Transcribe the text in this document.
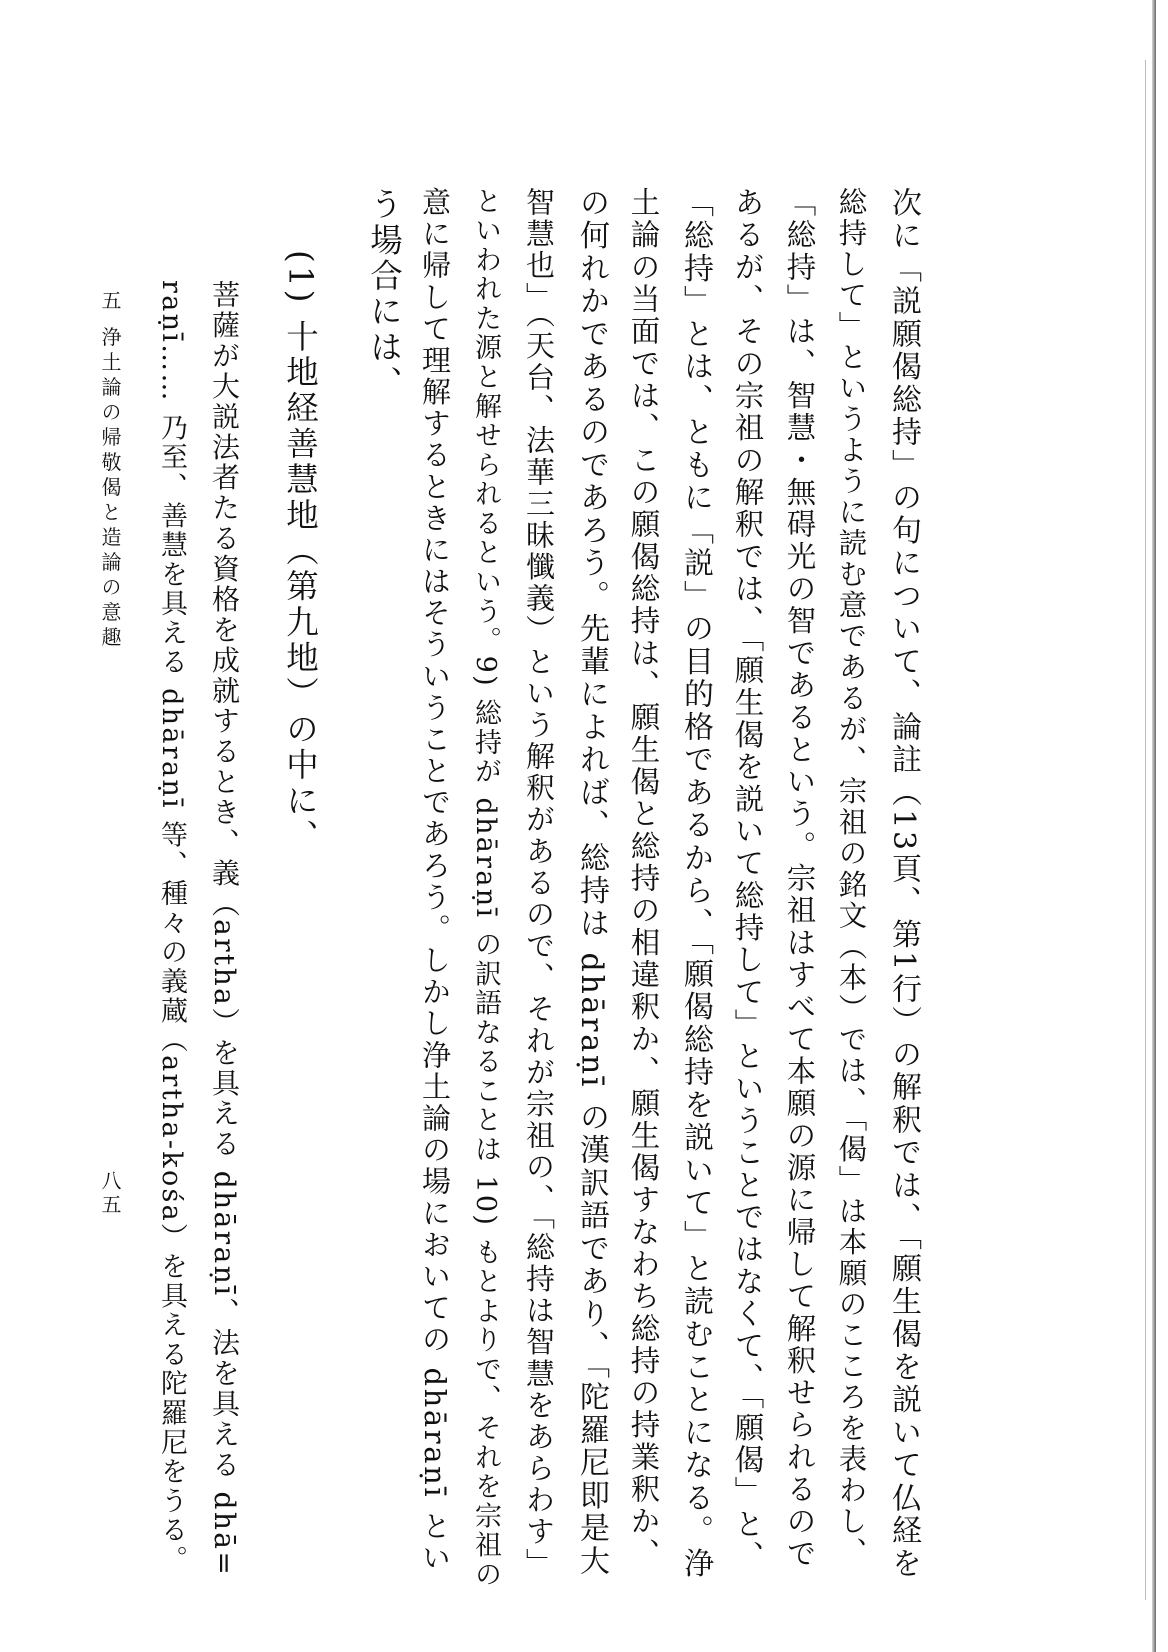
次に「説願偈総持」の句について、論註（13頁、第1行）の解釈では、「願生偈を説いて仏経を
総持して」というように読む意であるが、宗祖の銘文（本）では、「偈」は本願のこころを表わし、
「総持」は、智慧・無碍光の智であるという。宗祖はすべて本願の源に帰して解釈せられるので
あるが、その宗祖の解釈では、「願生偈を説いて総持して」ということではなくて、「願偈」と、
「総持」とは、ともに「説」の目的格であるから、「願偈総持を説いて」と読むことになる。浄
土論の当面では、この願偈総持は、願生偈と総持の相違釈か、願生偈すなわち総持の持業釈か、
の何れかであるのであろう。先輩によれば、総持は dhāraṇī の漢訳語であり、「陀羅尼即是大
智慧也」（天台、法華三昧懺義）という解釈があるので、それが宗祖の、「総持は智慧をあらわす」
といわれた源と解せられるという。9) 総持が dhāraṇī の訳語なることは 10) もとよりで、それを宗祖の
意に帰して理解するときにはそういうことであろう。しかし浄土論の場においての dhāraṇī とい
う場合には、
(1) 十地経善慧地（第九地）の中に、
菩薩が大説法者たる資格を成就するとき、義（artha）を具える dhāraṇī、法を具える dhā=
raṇī…… 乃至、善慧を具える dhāraṇī 等、種々の義蔵（artha-kośa）を具える陀羅尼をうる。
五 浄土論の帰敬偈と造論の意趣
八五
